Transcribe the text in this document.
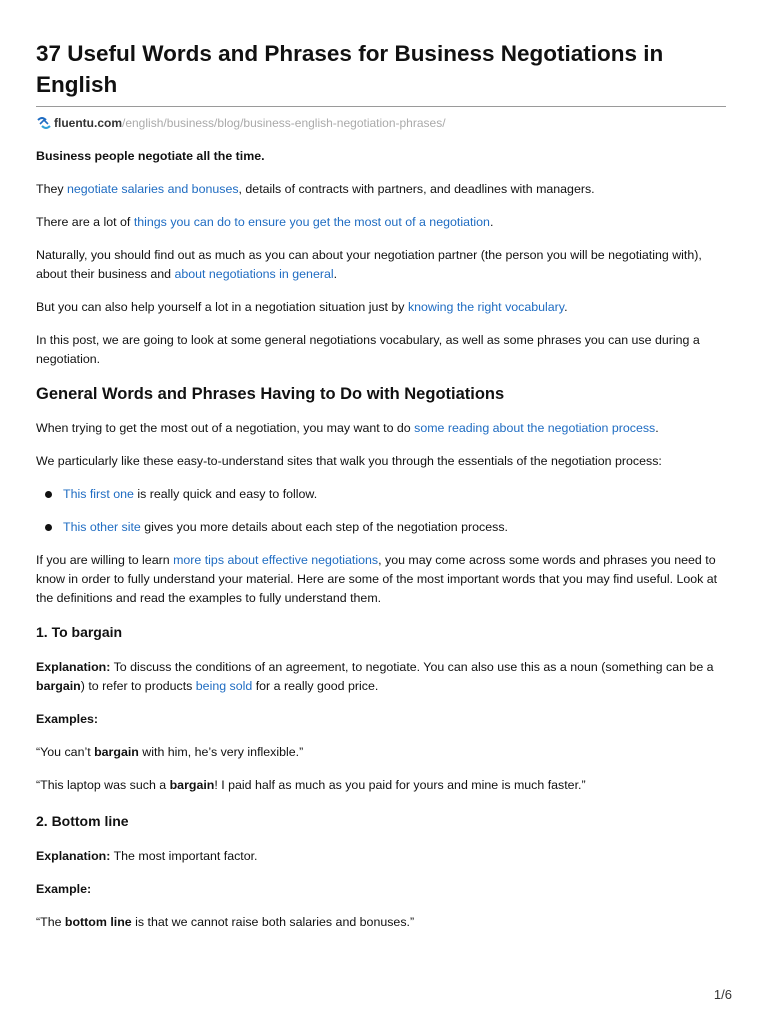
37 Useful Words and Phrases for Business Negotiations in English
fluentu.com /english/business/blog/business-english-negotiation-phrases/

Business people negotiate all the time.

They negotiate salaries and bonuses, details of contracts with partners, and deadlines with managers.

There are a lot of things you can do to ensure you get the most out of a negotiation.

Naturally, you should find out as much as you can about your negotiation partner (the person you will be negotiating with), about their business and about negotiations in general.

But you can also help yourself a lot in a negotiation situation just by knowing the right vocabulary.

In this post, we are going to look at some general negotiations vocabulary, as well as some phrases you can use during a negotiation.

General Words and Phrases Having to Do with Negotiations

When trying to get the most out of a negotiation, you may want to do some reading about the negotiation process.

We particularly like these easy-to-understand sites that walk you through the essentials of the negotiation process:

This first one is really quick and easy to follow.
This other site gives you more details about each step of the negotiation process.

If you are willing to learn more tips about effective negotiations, you may come across some words and phrases you need to know in order to fully understand your material. Here are some of the most important words that you may find useful. Look at the definitions and read the examples to fully understand them.

1. To bargain

Explanation: To discuss the conditions of an agreement, to negotiate. You can also use this as a noun (something can be a bargain) to refer to products being sold for a really good price.

Examples:

“You can’t bargain with him, he’s very inflexible.”

“This laptop was such a bargain! I paid half as much as you paid for yours and mine is much faster.”

2. Bottom line

Explanation: The most important factor.

Example:

“The bottom line is that we cannot raise both salaries and bonuses.”

1/6
